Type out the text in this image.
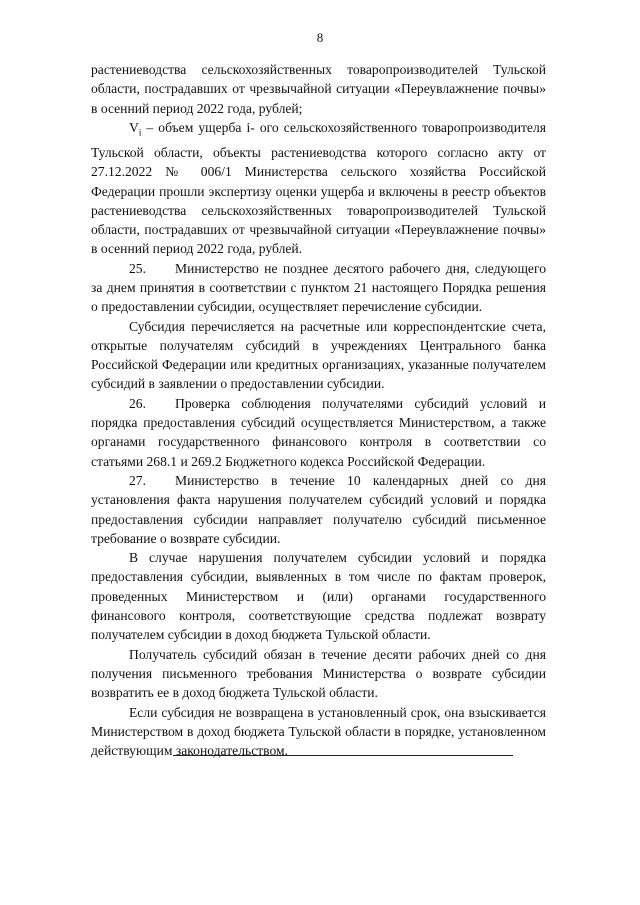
8

растениеводства сельскохозяйственных товаропроизводителей Тульской области, пострадавших от чрезвычайной ситуации «Переувлажнение почвы» в осенний период 2022 года, рублей;

$V_i$ – объем ущерба i- ого сельскохозяйственного товаропроизводителя Тульской области, объекты растениеводства которого согласно акту от 27.12.2022 № 006/1 Министерства сельского хозяйства Российской Федерации прошли экспертизу оценки ущерба и включены в реестр объектов растениеводства сельскохозяйственных товаропроизводителей Тульской области, пострадавших от чрезвычайной ситуации «Переувлажнение почвы» в осенний период 2022 года, рублей.

25. Министерство не позднее десятого рабочего дня, следующего за днем принятия в соответствии с пунктом 21 настоящего Порядка решения о предоставлении субсидии, осуществляет перечисление субсидии.

Субсидия перечисляется на расчетные или корреспондентские счета, открытые получателям субсидий в учреждениях Центрального банка Российской Федерации или кредитных организациях, указанные получателем субсидий в заявлении о предоставлении субсидии.

26. Проверка соблюдения получателями субсидий условий и порядка предоставления субсидий осуществляется Министерством, а также органами государственного финансового контроля в соответствии со статьями 268.1 и 269.2 Бюджетного кодекса Российской Федерации.

27. Министерство в течение 10 календарных дней со дня установления факта нарушения получателем субсидий условий и порядка предоставления субсидии направляет получателю субсидий письменное требование о возврате субсидии.

В случае нарушения получателем субсидии условий и порядка предоставления субсидии, выявленных в том числе по фактам проверок, проведенных Министерством и (или) органами государственного финансового контроля, соответствующие средства подлежат возврату получателем субсидии в доход бюджета Тульской области.

Получатель субсидий обязан в течение десяти рабочих дней со дня получения письменного требования Министерства о возврате субсидии возвратить ее в доход бюджета Тульской области.

Если субсидия не возвращена в установленный срок, она взыскивается Министерством в доход бюджета Тульской области в порядке, установленном действующим законодательством.
